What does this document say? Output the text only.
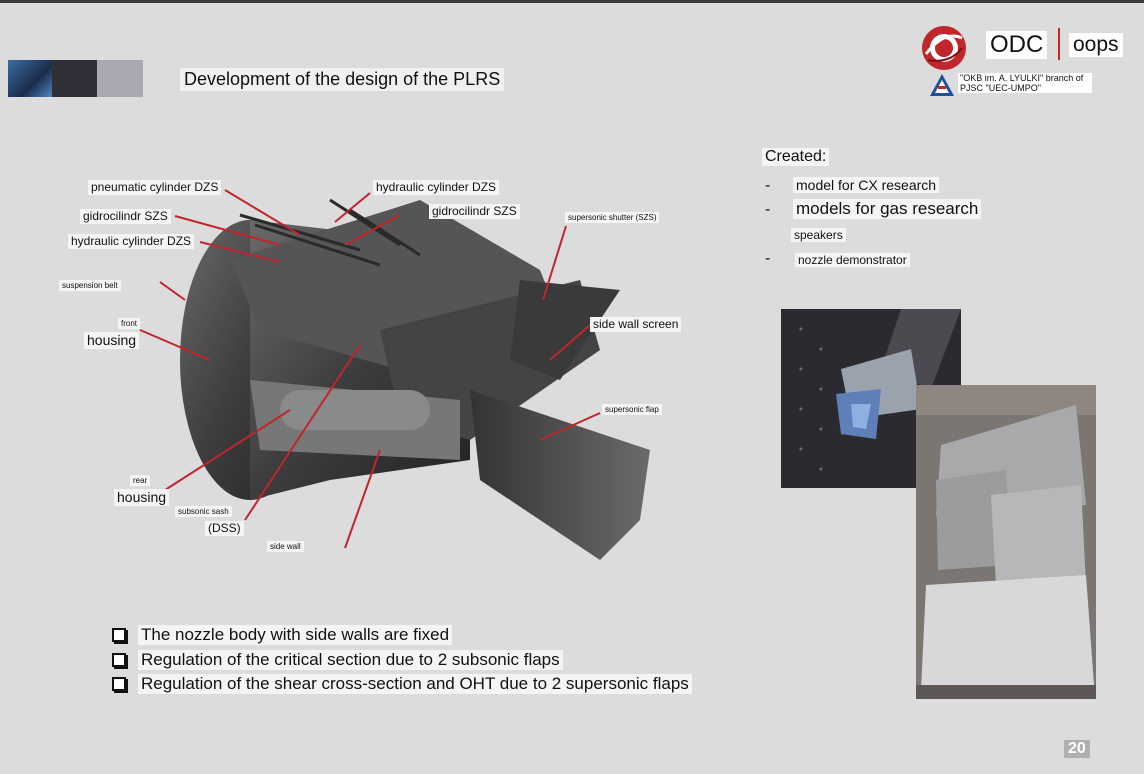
Development of the design of the PLRS
ODC oops
"OKB im. A. LYULKI" branch of PJSC "UEC-UMPO"
pneumatic cylinder DZS
gidrocilindr SZS
hydraulic cylinder DZS
hydraulic cylinder DZS
gidrocilindr SZS	supersonic shutter (SZS)
suspension belt
front
housing
side wall screen
supersonic flap
rear
housing
subsonic sash
(DSS)
side wall
Created:
- model for CX research
- models for gas research
speakers
- nozzle demonstrator
The nozzle body with side walls are fixed
Regulation of the critical section due to 2 subsonic flaps
Regulation of the shear cross-section and OHT due to 2 supersonic flaps
20
